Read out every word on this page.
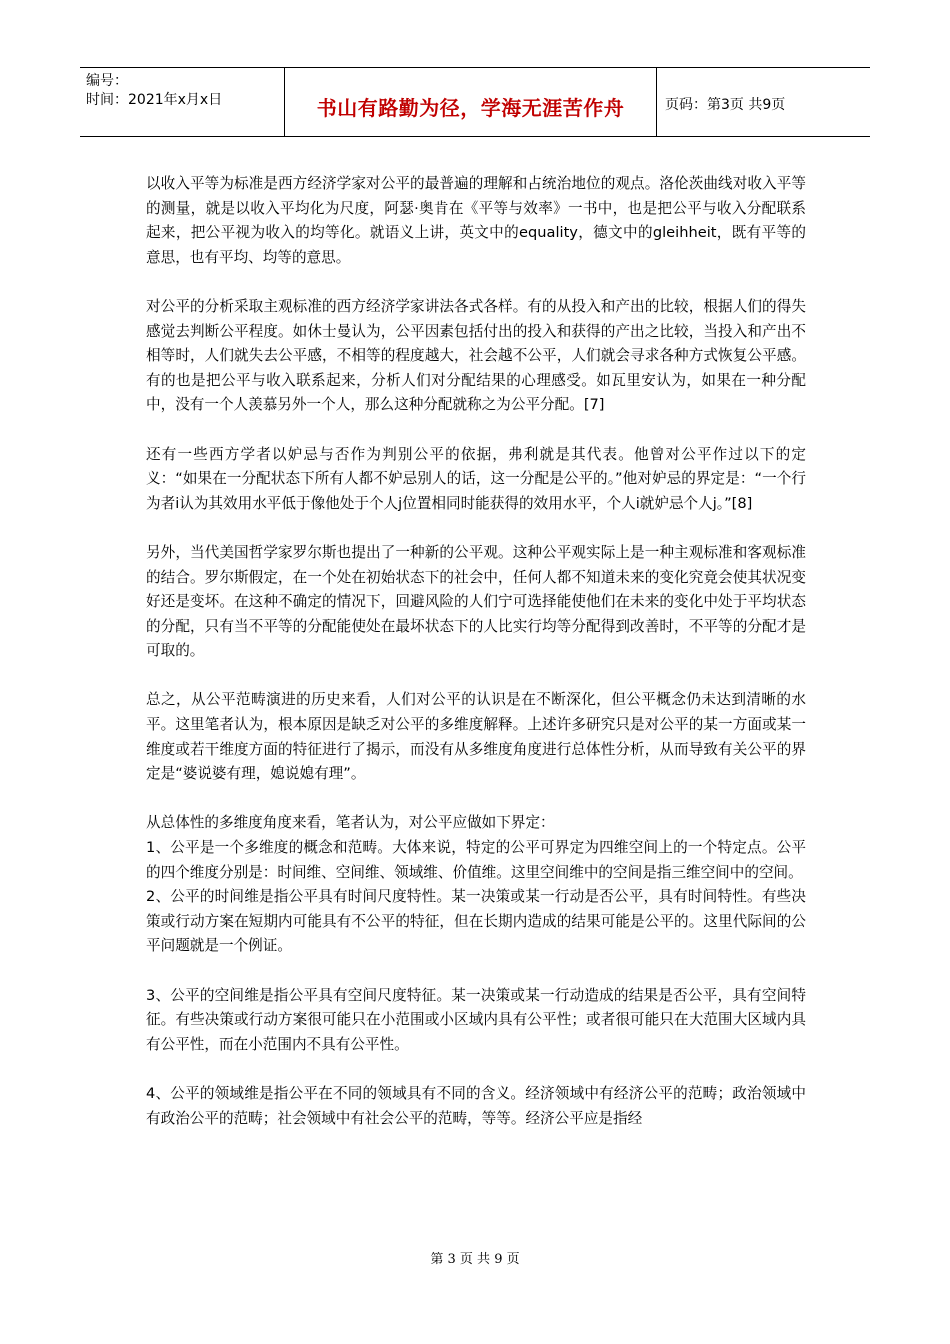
编号：
时间：2021年x月x日	书山有路勤为径，学海无涯苦作舟	页码：第3页 共9页

以收入平等为标准是西方经济学家对公平的最普遍的理解和占统治地位的观点。洛伦茨曲线对收入平等的测量，就是以收入平均化为尺度，阿瑟·奥肯在《平等与效率》一书中，也是把公平与收入分配联系起来，把公平视为收入的均等化。就语义上讲，英文中的equality，德文中的gleihheit，既有平等的意思，也有平均、均等的意思。

对公平的分析采取主观标准的西方经济学家讲法各式各样。有的从投入和产出的比较，根据人们的得失感觉去判断公平程度。如休士曼认为，公平因素包括付出的投入和获得的产出之比较，当投入和产出不相等时，人们就失去公平感，不相等的程度越大，社会越不公平，人们就会寻求各种方式恢复公平感。有的也是把公平与收入联系起来，分析人们对分配结果的心理感受。如瓦里安认为，如果在一种分配中，没有一个人羡慕另外一个人，那么这种分配就称之为公平分配。[7]

还有一些西方学者以妒忌与否作为判别公平的依据，弗利就是其代表。他曾对公平作过以下的定义：“如果在一分配状态下所有人都不妒忌别人的话，这一分配是公平的。”他对妒忌的界定是：“一个行为者i认为其效用水平低于像他处于个人j位置相同时能获得的效用水平，个人i就妒忌个人j。”[8]

另外，当代美国哲学家罗尔斯也提出了一种新的公平观。这种公平观实际上是一种主观标准和客观标准的结合。罗尔斯假定，在一个处在初始状态下的社会中，任何人都不知道未来的变化究竟会使其状况变好还是变坏。在这种不确定的情况下，回避风险的人们宁可选择能使他们在未来的变化中处于平均状态的分配，只有当不平等的分配能使处在最坏状态下的人比实行均等分配得到改善时，不平等的分配才是可取的。

总之，从公平范畴演进的历史来看，人们对公平的认识是在不断深化，但公平概念仍未达到清晰的水平。这里笔者认为，根本原因是缺乏对公平的多维度解释。上述许多研究只是对公平的某一方面或某一维度或若干维度方面的特征进行了揭示，而没有从多维度角度进行总体性分析，从而导致有关公平的界定是“婆说婆有理，媳说媳有理”。

从总体性的多维度角度来看，笔者认为，对公平应做如下界定：

1、公平是一个多维度的概念和范畴。大体来说，特定的公平可界定为四维空间上的一个特定点。公平的四个维度分别是：时间维、空间维、领域维、价值维。这里空间维中的空间是指三维空间中的空间。

2、公平的时间维是指公平具有时间尺度特性。某一决策或某一行动是否公平，具有时间特性。有些决策或行动方案在短期内可能具有不公平的特征，但在长期内造成的结果可能是公平的。这里代际间的公平问题就是一个例证。

3、公平的空间维是指公平具有空间尺度特征。某一决策或某一行动造成的结果是否公平，具有空间特征。有些决策或行动方案很可能只在小范围或小区域内具有公平性；或者很可能只在大范围大区域内具有公平性，而在小范围内不具有公平性。

4、公平的领域维是指公平在不同的领域具有不同的含义。经济领域中有经济公平的范畴；政治领域中有政治公平的范畴；社会领域中有社会公平的范畴，等等。经济公平应是指经

第 3 页 共 9 页
